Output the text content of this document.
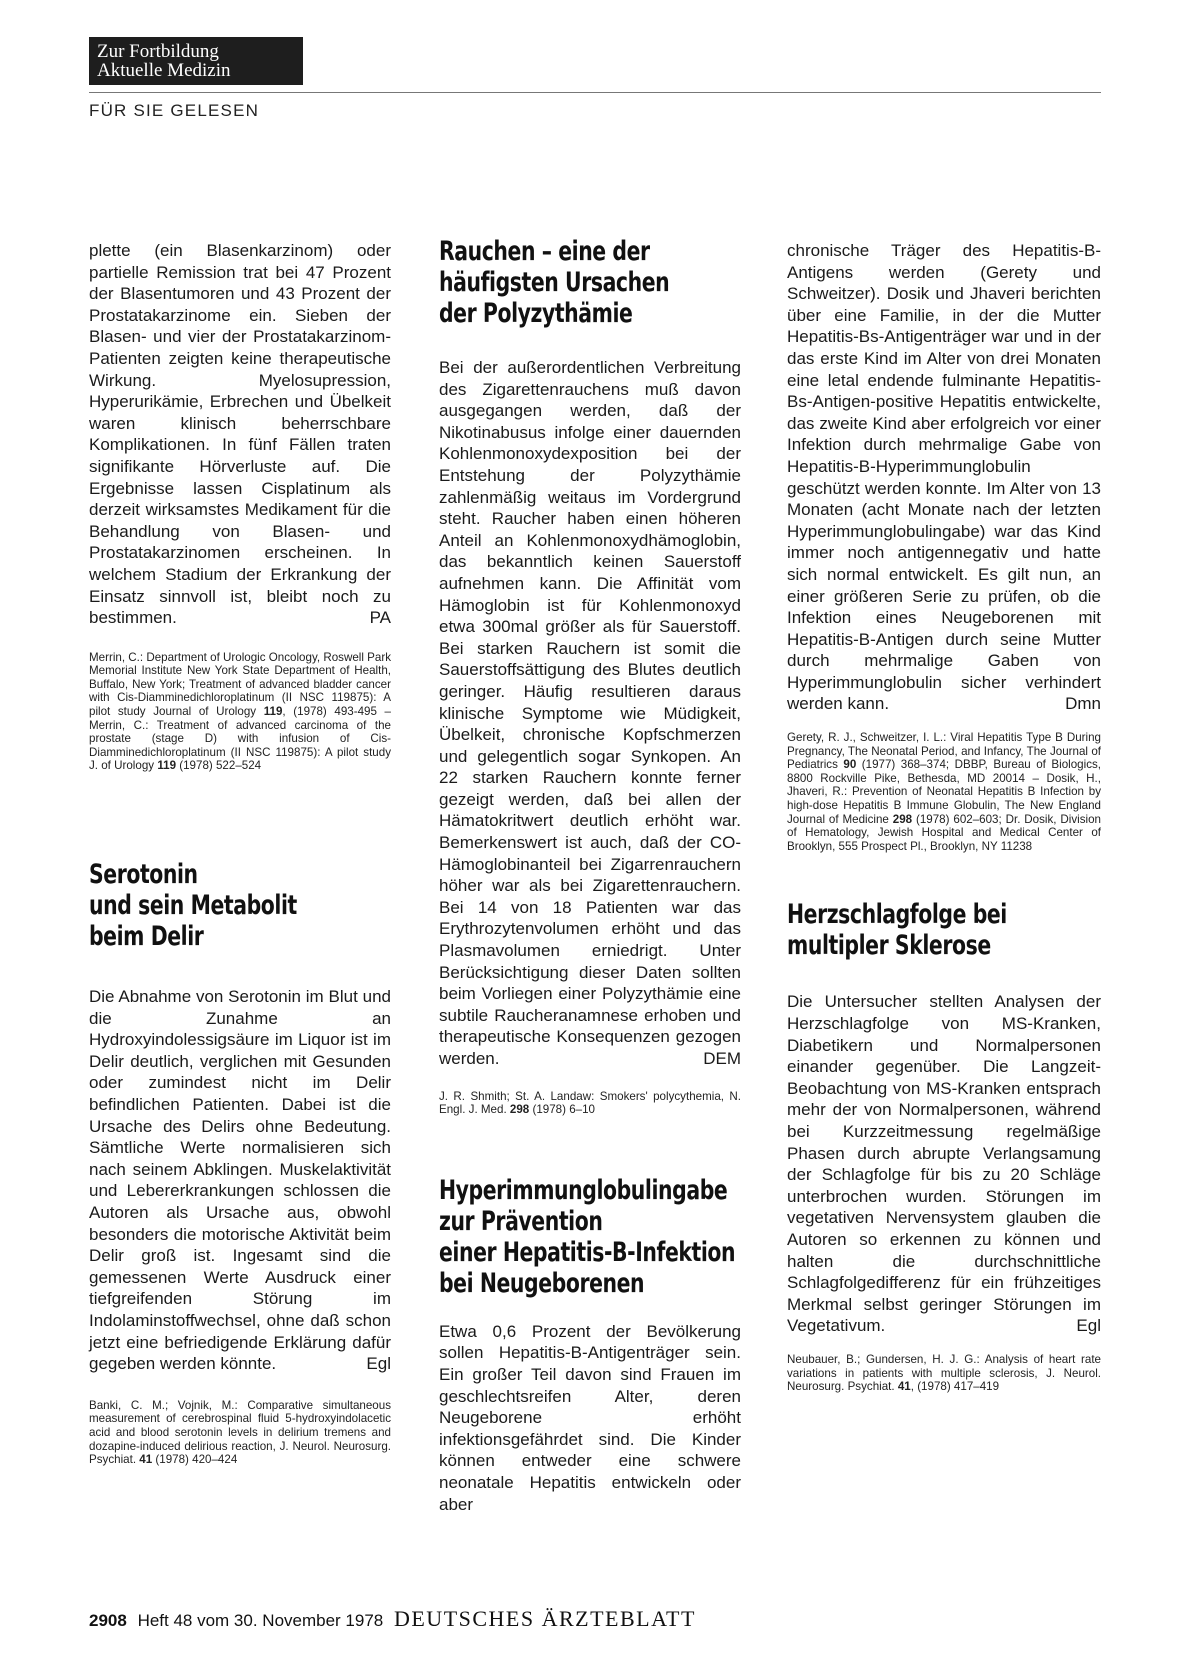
Zur Fortbildung
Aktuelle Medizin
FÜR SIE GELESEN

plette (ein Blasenkarzinom) oder partielle Remission trat bei 47 Prozent der Blasentumoren und 43 Prozent der Prostatakarzinome ein. Sieben der Blasen- und vier der Prostatakarzinom-Patienten zeigten keine therapeutische Wirkung. Myelosupression, Hyperurikämie, Erbrechen und Übelkeit waren klinisch beherrschbare Komplikationen. In fünf Fällen traten signifikante Hörverluste auf. Die Ergebnisse lassen Cisplatinum als derzeit wirksamstes Medikament für die Behandlung von Blasen- und Prostatakarzinomen erscheinen. In welchem Stadium der Erkrankung der Einsatz sinnvoll ist, bleibt noch zu bestimmen.	PA

Merrin, C.: Department of Urologic Oncology, Roswell Park Memorial Institute New York State Department of Health, Buffalo, New York; Treatment of advanced bladder cancer with Cis-Diamminedichloroplatinum (II NSC 119875): A pilot study Journal of Urology 119, (1978) 493-495 – Merrin, C.: Treatment of advanced carcinoma of the prostate (stage D) with infusion of Cis-Diamminedichloroplatinum (II NSC 119875): A pilot study J. of Urology 119 (1978) 522–524

Serotonin
und sein Metabolit
beim Delir

Die Abnahme von Serotonin im Blut und die Zunahme an Hydroxyindolessigsäure im Liquor ist im Delir deutlich, verglichen mit Gesunden oder zumindest nicht im Delir befindlichen Patienten. Dabei ist die Ursache des Delirs ohne Bedeutung. Sämtliche Werte normalisieren sich nach seinem Abklingen. Muskelaktivität und Lebererkrankungen schlossen die Autoren als Ursache aus, obwohl besonders die motorische Aktivität beim Delir groß ist. Ingesamt sind die gemessenen Werte Ausdruck einer tiefgreifenden Störung im Indolaminstoffwechsel, ohne daß schon jetzt eine befriedigende Erklärung dafür gegeben werden könnte.	Egl

Banki, C. M.; Vojnik, M.: Comparative simultaneous measurement of cerebrospinal fluid 5-hydroxyindolacetic acid and blood serotonin levels in delirium tremens and dozapine-induced delirious reaction, J. Neurol. Neurosurg. Psychiat. 41 (1978) 420–424

Rauchen – eine der
häufigsten Ursachen
der Polyzythämie

Bei der außerordentlichen Verbreitung des Zigarettenrauchens muß davon ausgegangen werden, daß der Nikotinabusus infolge einer dauernden Kohlenmonoxydexposition bei der Entstehung der Polyzythämie zahlenmäßig weitaus im Vordergrund steht. Raucher haben einen höheren Anteil an Kohlenmonoxydhämoglobin, das bekanntlich keinen Sauerstoff aufnehmen kann. Die Affinität vom Hämoglobin ist für Kohlenmonoxyd etwa 300mal größer als für Sauerstoff. Bei starken Rauchern ist somit die Sauerstoffsättigung des Blutes deutlich geringer. Häufig resultieren daraus klinische Symptome wie Müdigkeit, Übelkeit, chronische Kopfschmerzen und gelegentlich sogar Synkopen. An 22 starken Rauchern konnte ferner gezeigt werden, daß bei allen der Hämatokritwert deutlich erhöht war. Bemerkenswert ist auch, daß der CO-Hämoglobinanteil bei Zigarrenrauchern höher war als bei Zigarettenrauchern. Bei 14 von 18 Patienten war das Erythrozytenvolumen erhöht und das Plasmavolumen erniedrigt. Unter Berücksichtigung dieser Daten sollten beim Vorliegen einer Polyzythämie eine subtile Raucheranamnese erhoben und therapeutische Konsequenzen gezogen werden.	DEM

J. R. Shmith; St. A. Landaw: Smokers' polycythemia, N. Engl. J. Med. 298 (1978) 6–10

Hyperimmunglobulingabe
zur Prävention
einer Hepatitis-B-Infektion
bei Neugeborenen

Etwa 0,6 Prozent der Bevölkerung sollen Hepatitis-B-Antigenträger sein. Ein großer Teil davon sind Frauen im geschlechtsreifen Alter, deren Neugeborene erhöht infektionsgefährdet sind. Die Kinder können entweder eine schwere neonatale Hepatitis entwickeln oder aber

chronische Träger des Hepatitis-B-Antigens werden (Gerety und Schweitzer). Dosik und Jhaveri berichten über eine Familie, in der die Mutter Hepatitis-Bs-Antigenträger war und in der das erste Kind im Alter von drei Monaten eine letal endende fulminante Hepatitis-Bs-Antigen-positive Hepatitis entwickelte, das zweite Kind aber erfolgreich vor einer Infektion durch mehrmalige Gabe von Hepatitis-B-Hyperimmunglobulin geschützt werden konnte. Im Alter von 13 Monaten (acht Monate nach der letzten Hyperimmunglobulingabe) war das Kind immer noch antigennegativ und hatte sich normal entwickelt. Es gilt nun, an einer größeren Serie zu prüfen, ob die Infektion eines Neugeborenen mit Hepatitis-B-Antigen durch seine Mutter durch mehrmalige Gaben von Hyperimmunglobulin sicher verhindert werden kann.	Dmn

Gerety, R. J., Schweitzer, I. L.: Viral Hepatitis Type B During Pregnancy, The Neonatal Period, and Infancy, The Journal of Pediatrics 90 (1977) 368–374; DBBP, Bureau of Biologics, 8800 Rockville Pike, Bethesda, MD 20014 – Dosik, H., Jhaveri, R.: Prevention of Neonatal Hepatitis B Infection by high-dose Hepatitis B Immune Globulin, The New England Journal of Medicine 298 (1978) 602–603; Dr. Dosik, Division of Hematology, Jewish Hospital and Medical Center of Brooklyn, 555 Prospect Pl., Brooklyn, NY 11238

Herzschlagfolge bei
multipler Sklerose

Die Untersucher stellten Analysen der Herzschlagfolge von MS-Kranken, Diabetikern und Normalpersonen einander gegenüber. Die Langzeit-Beobachtung von MS-Kranken entsprach mehr der von Normalpersonen, während bei Kurzzeitmessung regelmäßige Phasen durch abrupte Verlangsamung der Schlagfolge für bis zu 20 Schläge unterbrochen wurden. Störungen im vegetativen Nervensystem glauben die Autoren so erkennen zu können und halten die durchschnittliche Schlagfolgedifferenz für ein frühzeitiges Merkmal selbst geringer Störungen im Vegetativum.	Egl

Neubauer, B.; Gundersen, H. J. G.: Analysis of heart rate variations in patients with multiple sclerosis, J. Neurol. Neurosurg. Psychiat. 41, (1978) 417–419

2908 Heft 48 vom 30. November 1978 DEUTSCHES ÄRZTEBLATT
